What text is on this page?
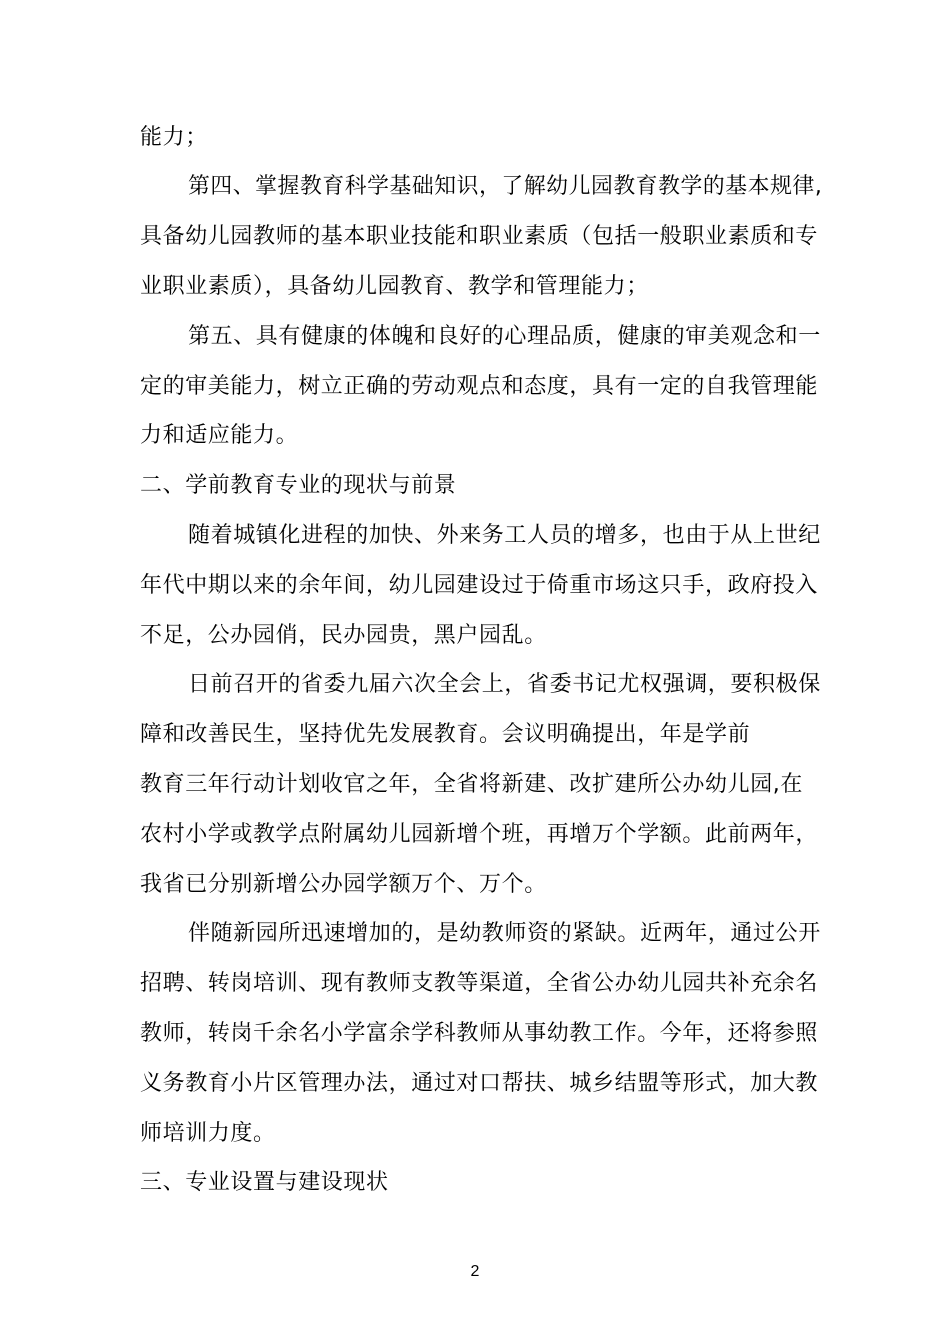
能力；
第四、掌握教育科学基础知识，了解幼儿园教育教学的基本规律,
具备幼儿园教师的基本职业技能和职业素质（包括一般职业素质和专
业职业素质），具备幼儿园教育、教学和管理能力；
第五、具有健康的体魄和良好的心理品质，健康的审美观念和一
定的审美能力，树立正确的劳动观点和态度，具有一定的自我管理能
力和适应能力。
二、学前教育专业的现状与前景
随着城镇化进程的加快、外来务工人员的增多，也由于从上世纪
年代中期以来的余年间，幼儿园建设过于倚重市场这只手，政府投入
不足，公办园俏，民办园贵，黑户园乱。
日前召开的省委九届六次全会上，省委书记尤权强调，要积极保
障和改善民生，坚持优先发展教育。会议明确提出，年是学前
教育三年行动计划收官之年，全省将新建、改扩建所公办幼儿园,在
农村小学或教学点附属幼儿园新增个班，再增万个学额。此前两年，
我省已分别新增公办园学额万个、万个。
伴随新园所迅速增加的，是幼教师资的紧缺。近两年，通过公开
招聘、转岗培训、现有教师支教等渠道，全省公办幼儿园共补充余名
教师，转岗千余名小学富余学科教师从事幼教工作。今年，还将参照
义务教育小片区管理办法，通过对口帮扶、城乡结盟等形式，加大教
师培训力度。
三、专业设置与建设现状
2
